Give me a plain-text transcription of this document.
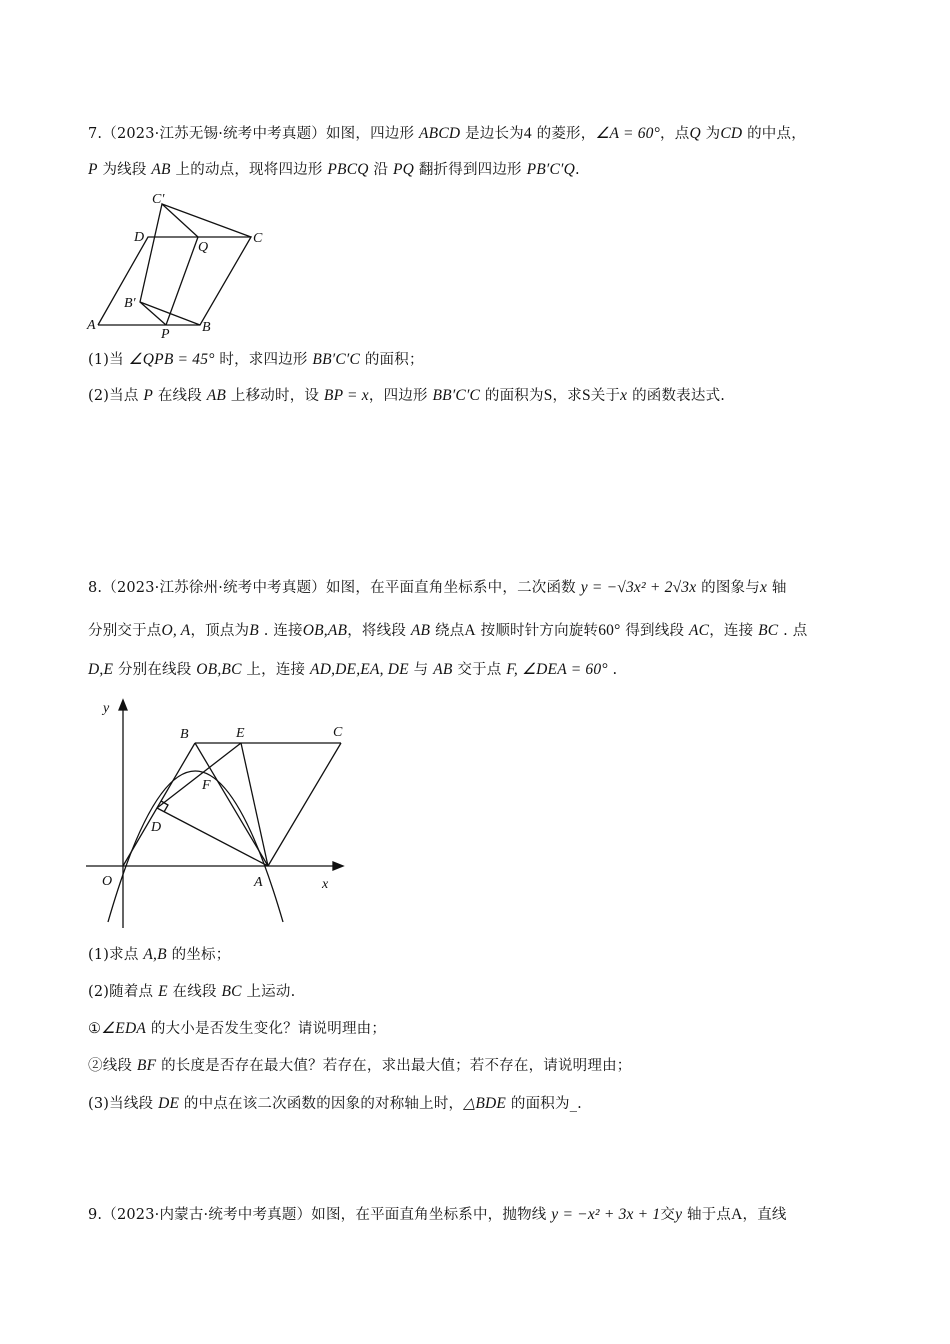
7.（2023·江苏无锡·统考中考真题）如图，四边形 ABCD 是边长为4 的菱形，∠A = 60°，点Q 为CD 的中点，
P 为线段 AB 上的动点，现将四边形 PBCQ 沿 PQ 翻折得到四边形 PB′C′Q.
C′
D
Q
C
B′
A
P B
y
x
O	A
B	E	C
F
D
(1)当 ∠QPB = 45° 时，求四边形 BB′C′C 的面积；
(2)当点 P 在线段 AB 上移动时，设 BP = x，四边形 BB′C′C 的面积为S，求S关于x 的函数表达式.
8.（2023·江苏徐州·统考中考真题）如图，在平面直角坐标系中，二次函数 y = −√3x² + 2√3x 的图象与x 轴
分别交于点O, A，顶点为B . 连接OB,AB，将线段 AB 绕点A 按顺时针方向旋转60° 得到线段 AC，连接 BC . 点
D,E 分别在线段 OB,BC 上，连接 AD,DE,EA, DE 与 AB 交于点 F, ∠DEA = 60° .
(1)求点 A,B 的坐标；
(2)随着点 E 在线段 BC 上运动.
①∠EDA 的大小是否发生变化？请说明理由；
②线段 BF 的长度是否存在最大值？若存在，求出最大值；若不存在，请说明理由；
(3)当线段 DE 的中点在该二次函数的因象的对称轴上时，△BDE 的面积为_.
9.（2023·内蒙古·统考中考真题）如图，在平面直角坐标系中，抛物线 y = −x² + 3x + 1交y 轴于点A，直线
